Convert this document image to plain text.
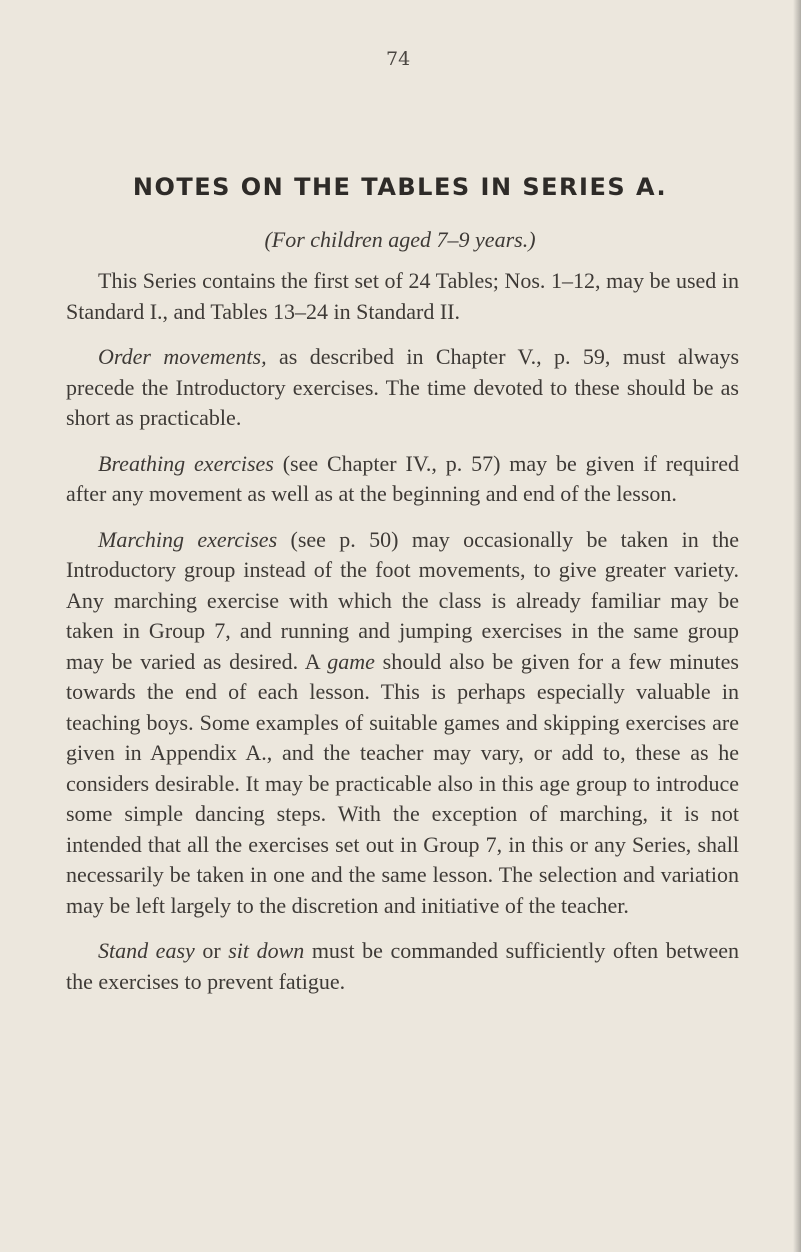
74
NOTES ON THE TABLES IN SERIES A.
(For children aged 7–9 years.)

This Series contains the first set of 24 Tables; Nos. 1–12, may be used in Standard I., and Tables 13–24 in Standard II.

Order movements, as described in Chapter V., p. 59, must always precede the Introductory exercises. The time devoted to these should be as short as practicable.

Breathing exercises (see Chapter IV., p. 57) may be given if required after any movement as well as at the beginning and end of the lesson.

Marching exercises (see p. 50) may occasionally be taken in the Introductory group instead of the foot movements, to give greater variety. Any marching exercise with which the class is already familiar may be taken in Group 7, and running and jumping exercises in the same group may be varied as desired. A game should also be given for a few minutes towards the end of each lesson. This is perhaps especially valuable in teaching boys. Some examples of suitable games and skipping exercises are given in Appendix A., and the teacher may vary, or add to, these as he considers desirable. It may be practicable also in this age group to introduce some simple dancing steps. With the exception of marching, it is not intended that all the exercises set out in Group 7, in this or any Series, shall necessarily be taken in one and the same lesson. The selection and variation may be left largely to the discretion and initiative of the teacher.

Stand easy or sit down must be commanded sufficiently often between the exercises to prevent fatigue.
